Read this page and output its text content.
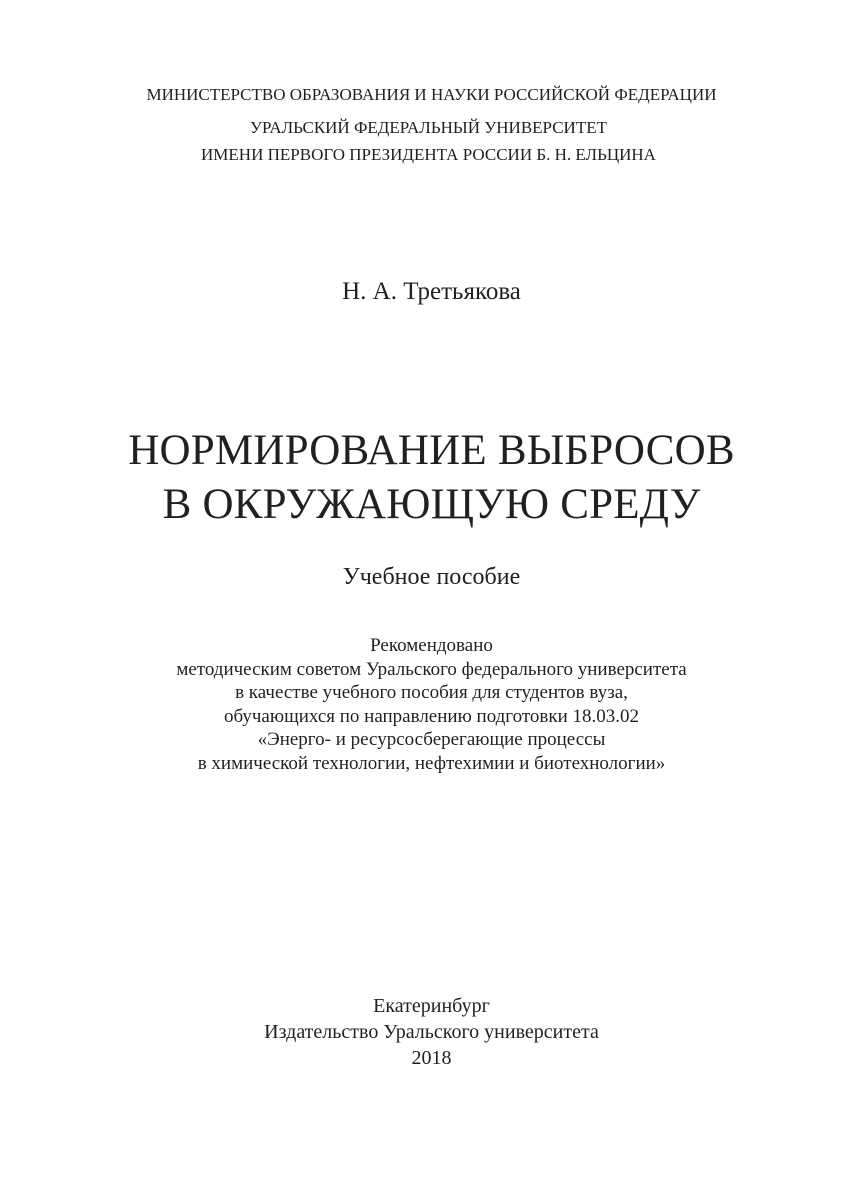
МИНИСТЕРСТВО ОБРАЗОВАНИЯ И НАУКИ РОССИЙСКОЙ ФЕДЕРАЦИИ
УРАЛЬСКИЙ ФЕДЕРАЛЬНЫЙ УНИВЕРСИТЕТ
ИМЕНИ ПЕРВОГО ПРЕЗИДЕНТА РОССИИ Б. Н. ЕЛЬЦИНА
Н. А. Третьякова
НОРМИРОВАНИЕ ВЫБРОСОВ
В ОКРУЖАЮЩУЮ СРЕДУ
Учебное пособие
Рекомендовано
методическим советом Уральского федерального университета
в качестве учебного пособия для студентов вуза,
обучающихся по направлению подготовки 18.03.02
«Энерго- и ресурсосберегающие процессы
в химической технологии, нефтехимии и биотехнологии»
Екатеринбург
Издательство Уральского университета
2018
